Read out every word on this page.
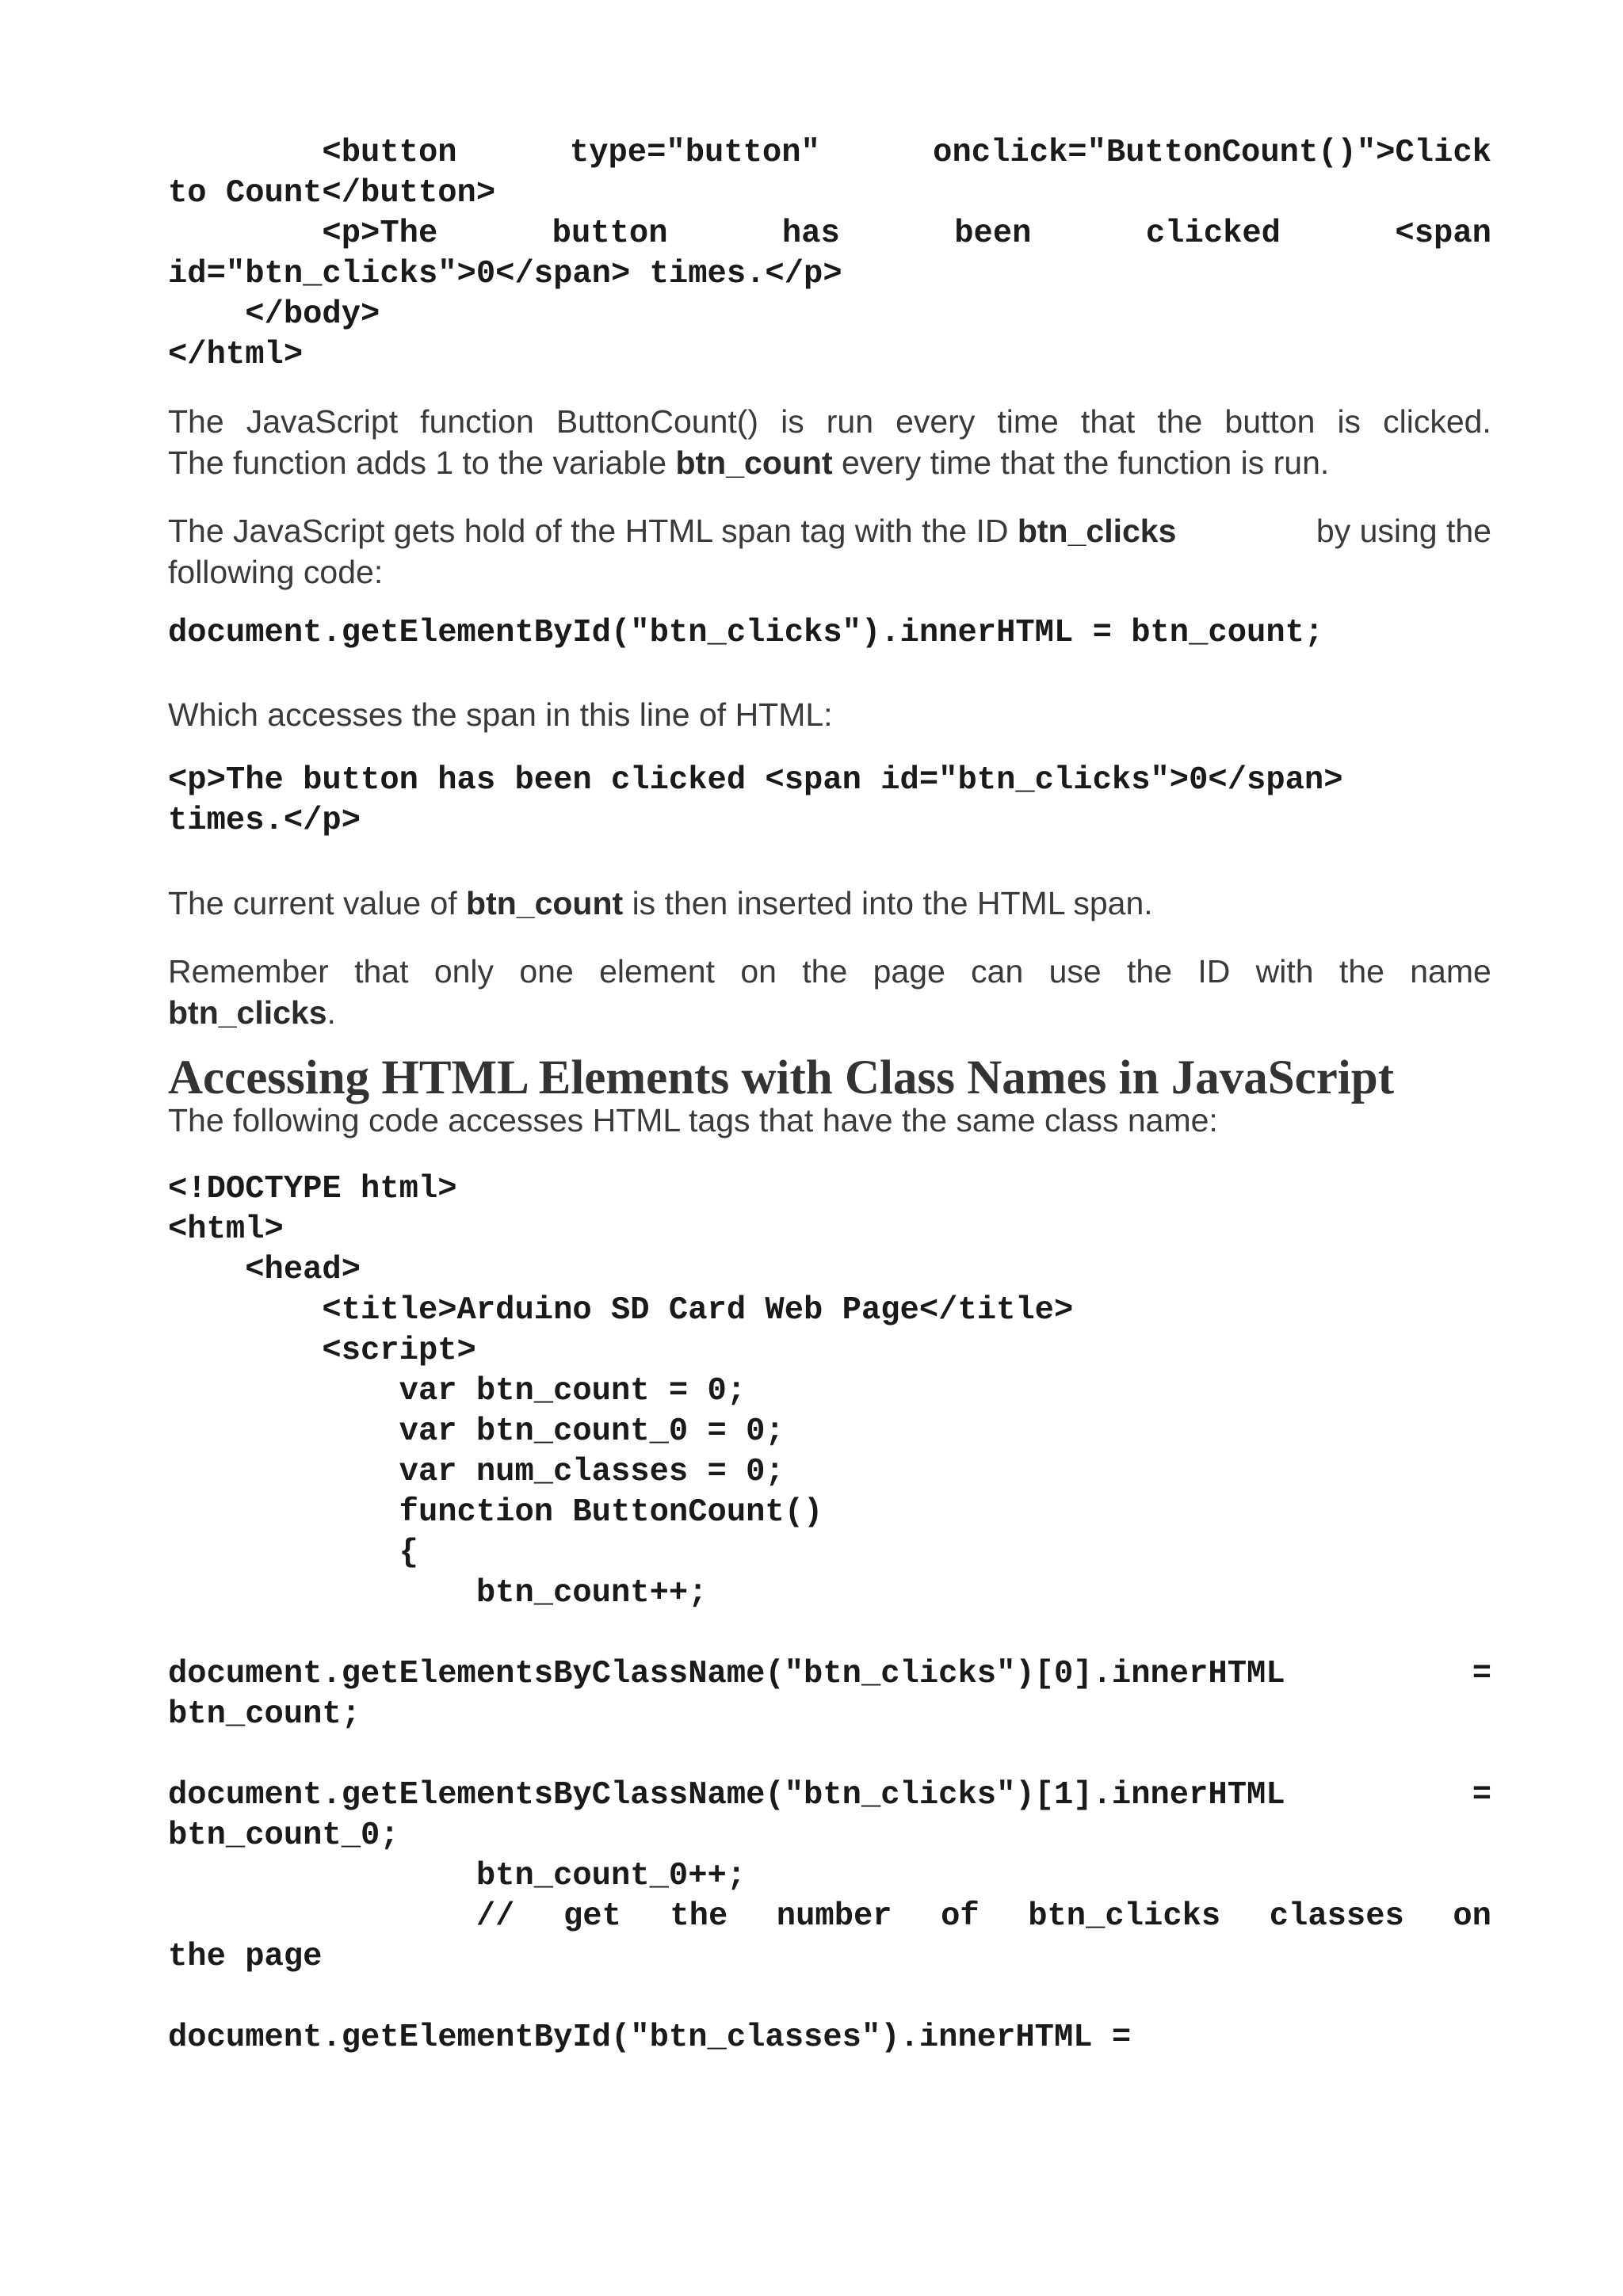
<button	type="button"	onclick="ButtonCount()">Click
to Count</button>
<p>The	button	has	been	clicked	<span
id="btn_clicks">0</span> times.</p>
</body>
</html>
The JavaScript function ButtonCount() is run every time that the button is clicked.
The function adds 1 to the variable btn_count every time that the function is run.
The JavaScript gets hold of the HTML span tag with the ID btn_clicks	by using the
following code:
document.getElementById("btn_clicks").innerHTML = btn_count;
Which accesses the span in this line of HTML:
<p>The button has been clicked <span id="btn_clicks">0</span>
times.</p>
The current value of btn_count is then inserted into the HTML span.
Remember that only one element on the page can use the ID with the name
btn_clicks.
Accessing HTML Elements with Class Names in JavaScript
The following code accesses HTML tags that have the same class name:
<!DOCTYPE html>
<html>
<head>
<title>Arduino SD Card Web Page</title>
<script>
var btn_count = 0;
var btn_count_0 = 0;
var num_classes = 0;
function ButtonCount()
{
btn_count++;
document.getElementsByClassName("btn_clicks")[0].innerHTML	=
btn_count;
document.getElementsByClassName("btn_clicks")[1].innerHTML	=
btn_count_0;
btn_count_0++;
// get the number of btn_clicks classes on
the page
document.getElementById("btn_classes").innerHTML =
